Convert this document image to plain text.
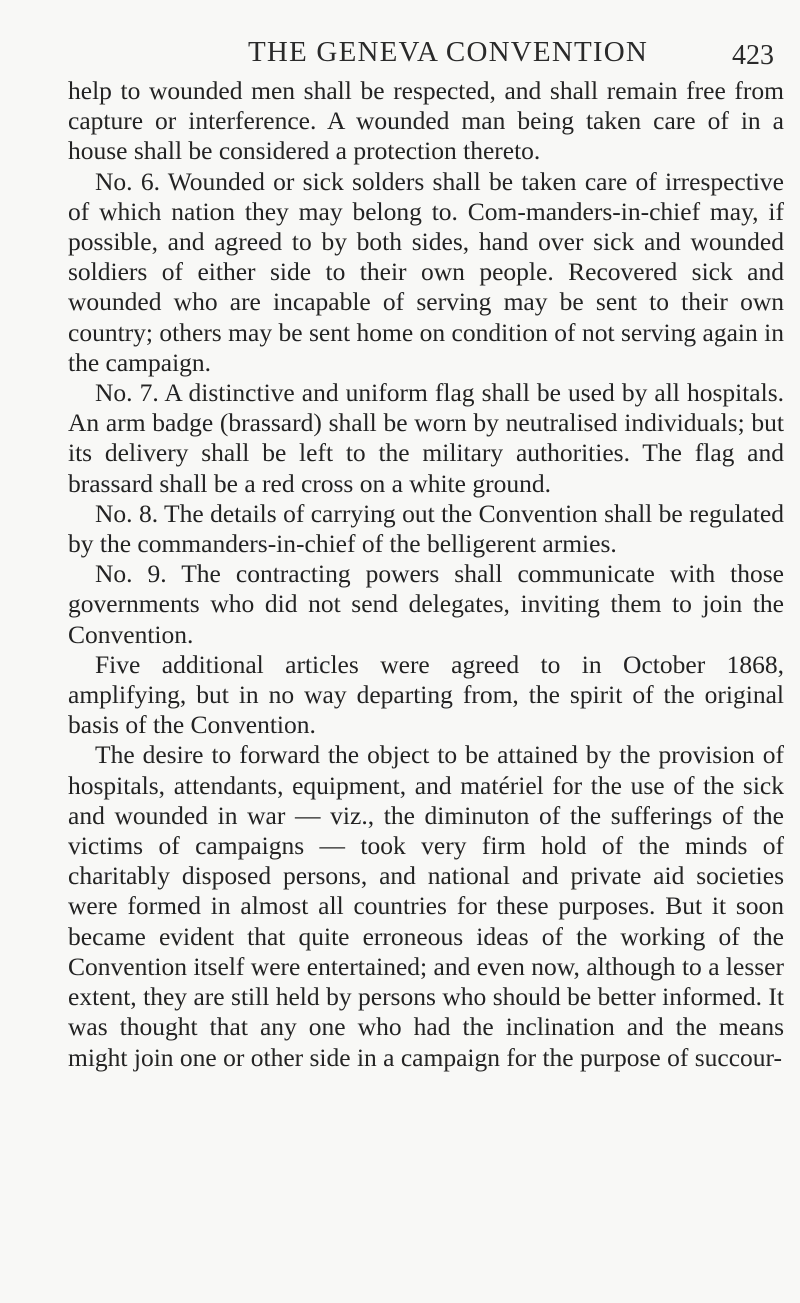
THE GENEVA CONVENTION	423

help to wounded men shall be respected, and shall remain free from capture or interference. A wounded man being taken care of in a house shall be considered a protection thereto.

No. 6. Wounded or sick solders shall be taken care of irrespective of which nation they may belong to. Com-manders-in-chief may, if possible, and agreed to by both sides, hand over sick and wounded soldiers of either side to their own people. Recovered sick and wounded who are incapable of serving may be sent to their own country; others may be sent home on condition of not serving again in the campaign.

No. 7. A distinctive and uniform flag shall be used by all hospitals. An arm badge (brassard) shall be worn by neutralised individuals; but its delivery shall be left to the military authorities. The flag and brassard shall be a red cross on a white ground.

No. 8. The details of carrying out the Convention shall be regulated by the commanders-in-chief of the belligerent armies.

No. 9. The contracting powers shall communicate with those governments who did not send delegates, inviting them to join the Convention.

Five additional articles were agreed to in October 1868, amplifying, but in no way departing from, the spirit of the original basis of the Convention.

The desire to forward the object to be attained by the provision of hospitals, attendants, equipment, and matériel for the use of the sick and wounded in war — viz., the diminuton of the sufferings of the victims of campaigns — took very firm hold of the minds of charitably disposed persons, and national and private aid societies were formed in almost all countries for these purposes. But it soon became evident that quite erroneous ideas of the working of the Convention itself were entertained; and even now, although to a lesser extent, they are still held by persons who should be better informed. It was thought that any one who had the inclination and the means might join one or other side in a campaign for the purpose of succour-
